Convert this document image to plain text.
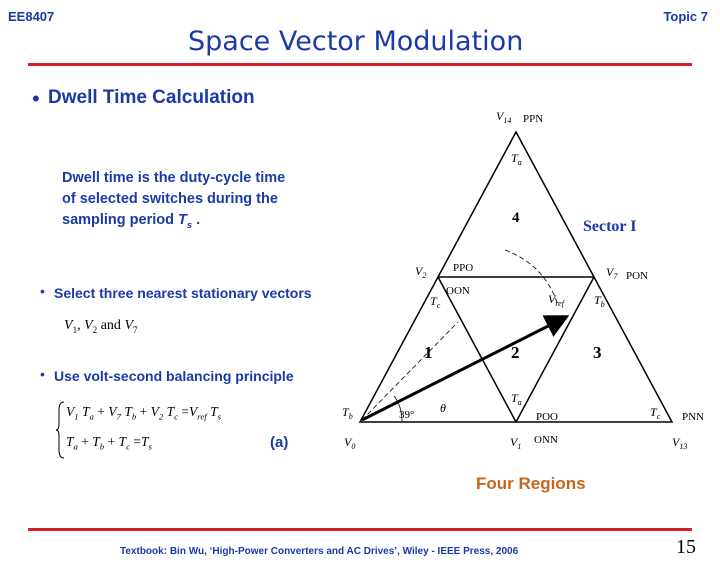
EE8407	Topic 7
Space Vector Modulation
• Dwell Time Calculation
Dwell time is the duty-cycle time
of selected switches during the
sampling period $T_s$ .
• Select three nearest stationary vectors
$V_1$, $V_2$ and $V_7$
• Use volt-second balancing principle
$V_1$ $T_a + V_7$ $T_b + V_2$ $T_c =V_{ref}$ $T_s$
$T_a + T_b + T_c =T_s$	(a)
$V_{14}$ PPN
$T_a$
4	Sector I
$V_2$
PPO
OON
$T_c$
$V_7$ PON
$T_b$
$V_{ref}$
1	2	3
$T_a$
$T_b$	39° θ
POO	$T_c$ PNN
$V_0$	$V_1$
ONN	$V_{13}$
Four Regions
Textbook: Bin Wu, ‘High-Power Converters and AC Drives’, Wiley - IEEE Press, 2006	15
